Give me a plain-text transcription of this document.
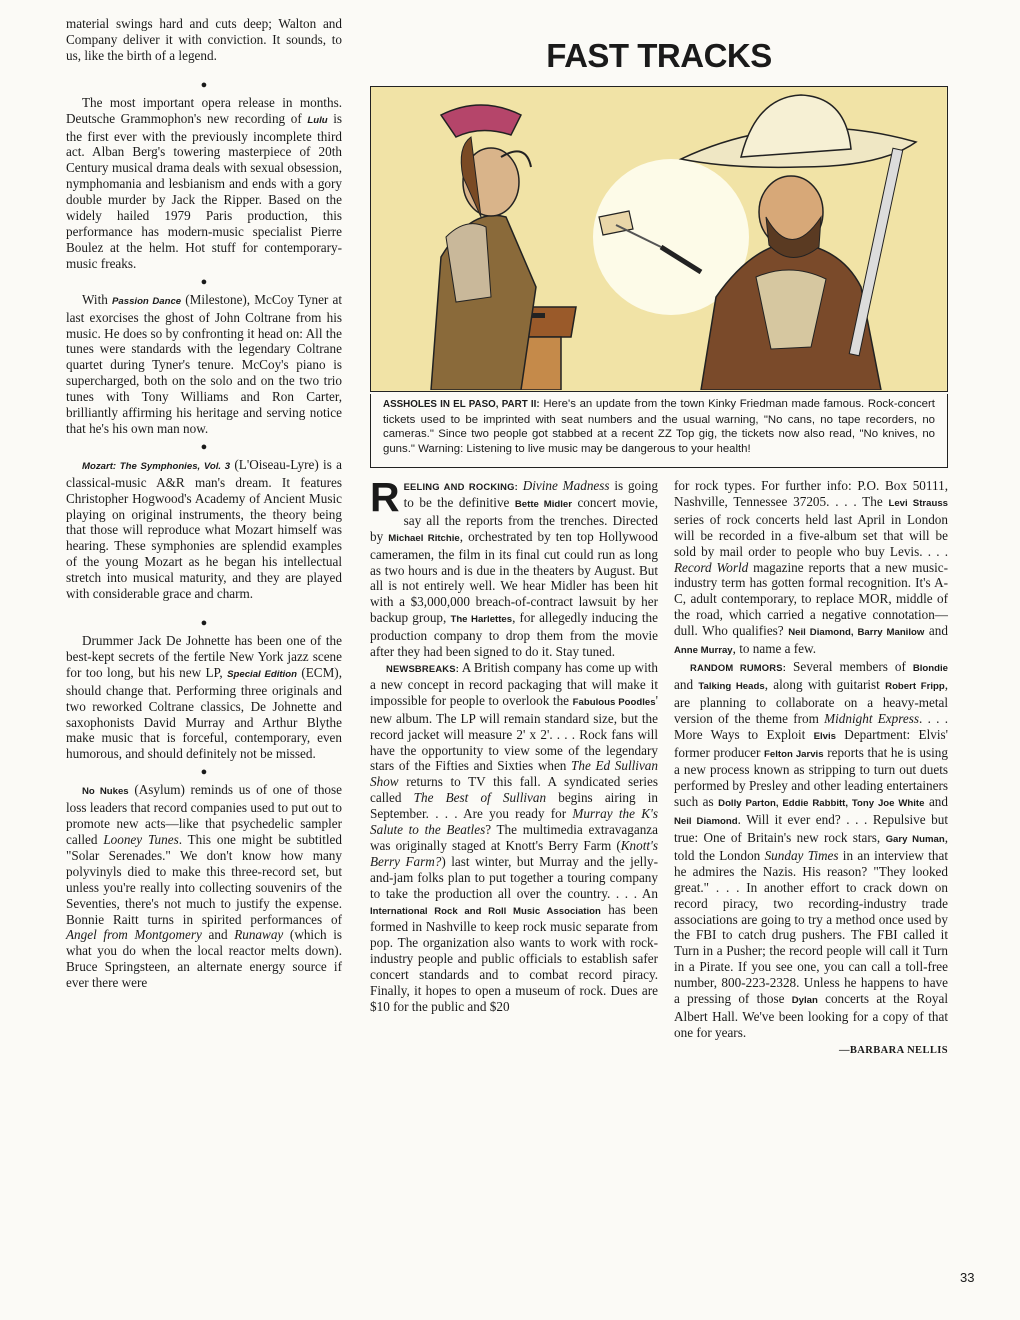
material swings hard and cuts deep; Walton and Company deliver it with conviction. It sounds, to us, like the birth of a legend.

●

The most important opera release in months. Deutsche Grammophon's new recording of Lulu is the first ever with the previously incomplete third act. Alban Berg's towering masterpiece of 20th Century musical drama deals with sexual obsession, nymphomania and lesbianism and ends with a gory double murder by Jack the Ripper. Based on the widely hailed 1979 Paris production, this performance has modern-music specialist Pierre Boulez at the helm. Hot stuff for contemporary-music freaks.

●

With Passion Dance (Milestone), McCoy Tyner at last exorcises the ghost of John Coltrane from his music. He does so by confronting it head on: All the tunes were standards with the legendary Coltrane quartet during Tyner's tenure. McCoy's piano is supercharged, both on the solo and on the two trio tunes with Tony Williams and Ron Carter, brilliantly affirming his heritage and serving notice that he's his own man now.

●

Mozart: The Symphonies, Vol. 3 (L'Oiseau-Lyre) is a classical-music A&R man's dream. It features Christopher Hogwood's Academy of Ancient Music playing on original instruments, the theory being that those will reproduce what Mozart himself was hearing. These symphonies are splendid examples of the young Mozart as he began his intellectual stretch into musical maturity, and they are played with considerable grace and charm.

●

Drummer Jack De Johnette has been one of the best-kept secrets of the fertile New York jazz scene for too long, but his new LP, Special Edition (ECM), should change that. Performing three originals and two reworked Coltrane classics, De Johnette and saxophonists David Murray and Arthur Blythe make music that is forceful, contemporary, even humorous, and should definitely not be missed.

●

No Nukes (Asylum) reminds us of one of those loss leaders that record companies used to put out to promote new acts—like that psychedelic sampler called Looney Tunes. This one might be subtitled "Solar Serenades." We don't know how many polyvinyls died to make this three-record set, but unless you're really into collecting souvenirs of the Seventies, there's not much to justify the expense. Bonnie Raitt turns in spirited performances of Angel from Montgomery and Runaway (which is what you do when the local reactor melts down). Bruce Springsteen, an alternate energy source if ever there were

FAST TRACKS
ASSHOLES IN EL PASO, PART II: Here's an update from the town Kinky Friedman made famous. Rock-concert tickets used to be imprinted with seat numbers and the usual warning, "No cans, no tape recorders, no cameras." Since two people got stabbed at a recent ZZ Top gig, the tickets now also read, "No knives, no guns." Warning: Listening to live music may be dangerous to your health!

REELING AND ROCKING: Divine Madness is going to be the definitive Bette Midler concert movie, say all the reports from the trenches. Directed by Michael Ritchie, orchestrated by ten top Hollywood cameramen, the film in its final cut could run as long as two hours and is due in the theaters by August. But all is not entirely well. We hear Midler has been hit with a $3,000,000 breach-of-contract lawsuit by her backup group, The Harlettes, for allegedly inducing the production company to drop them from the movie after they had been signed to do it. Stay tuned.

NEWSBREAKS: A British company has come up with a new concept in record packaging that will make it impossible for people to overlook the Fabulous Poodles' new album. The LP will remain standard size, but the record jacket will measure 2' x 2'. . . . Rock fans will have the opportunity to view some of the legendary stars of the Fifties and Sixties when The Ed Sullivan Show returns to TV this fall. A syndicated series called The Best of Sullivan begins airing in September. . . . Are you ready for Murray the K's Salute to the Beatles? The multimedia extravaganza was originally staged at Knott's Berry Farm (Knott's Berry Farm?) last winter, but Murray and the jelly-and-jam folks plan to put together a touring company to take the production all over the country. . . . An International Rock and Roll Music Association has been formed in Nashville to keep rock music separate from pop. The organization also wants to work with rock-industry people and public officials to establish safer concert standards and to combat record piracy. Finally, it hopes to open a museum of rock. Dues are $10 for the public and $20

for rock types. For further info: P.O. Box 50111, Nashville, Tennessee 37205. . . . The Levi Strauss series of rock concerts held last April in London will be recorded in a five-album set that will be sold by mail order to people who buy Levis. . . . Record World magazine reports that a new music-industry term has gotten formal recognition. It's A-C, adult contemporary, to replace MOR, middle of the road, which carried a negative connotation—dull. Who qualifies? Neil Diamond, Barry Manilow and Anne Murray, to name a few.

RANDOM RUMORS: Several members of Blondie and Talking Heads, along with guitarist Robert Fripp, are planning to collaborate on a heavy-metal version of the theme from Midnight Express. . . . More Ways to Exploit Elvis Department: Elvis' former producer Felton Jarvis reports that he is using a new process known as stripping to turn out duets performed by Presley and other leading entertainers such as Dolly Parton, Eddie Rabbitt, Tony Joe White and Neil Diamond. Will it ever end? . . . Repulsive but true: One of Britain's new rock stars, Gary Numan, told the London Sunday Times in an interview that he admires the Nazis. His reason? "They looked great." . . . In another effort to crack down on record piracy, two recording-industry trade associations are going to try a method once used by the FBI to catch drug pushers. The FBI called it Turn in a Pusher; the record people will call it Turn in a Pirate. If you see one, you can call a toll-free number, 800-223-2328. Unless he happens to have a pressing of those Dylan concerts at the Royal Albert Hall. We've been looking for a copy of that one for years.

—BARBARA NELLIS
33
